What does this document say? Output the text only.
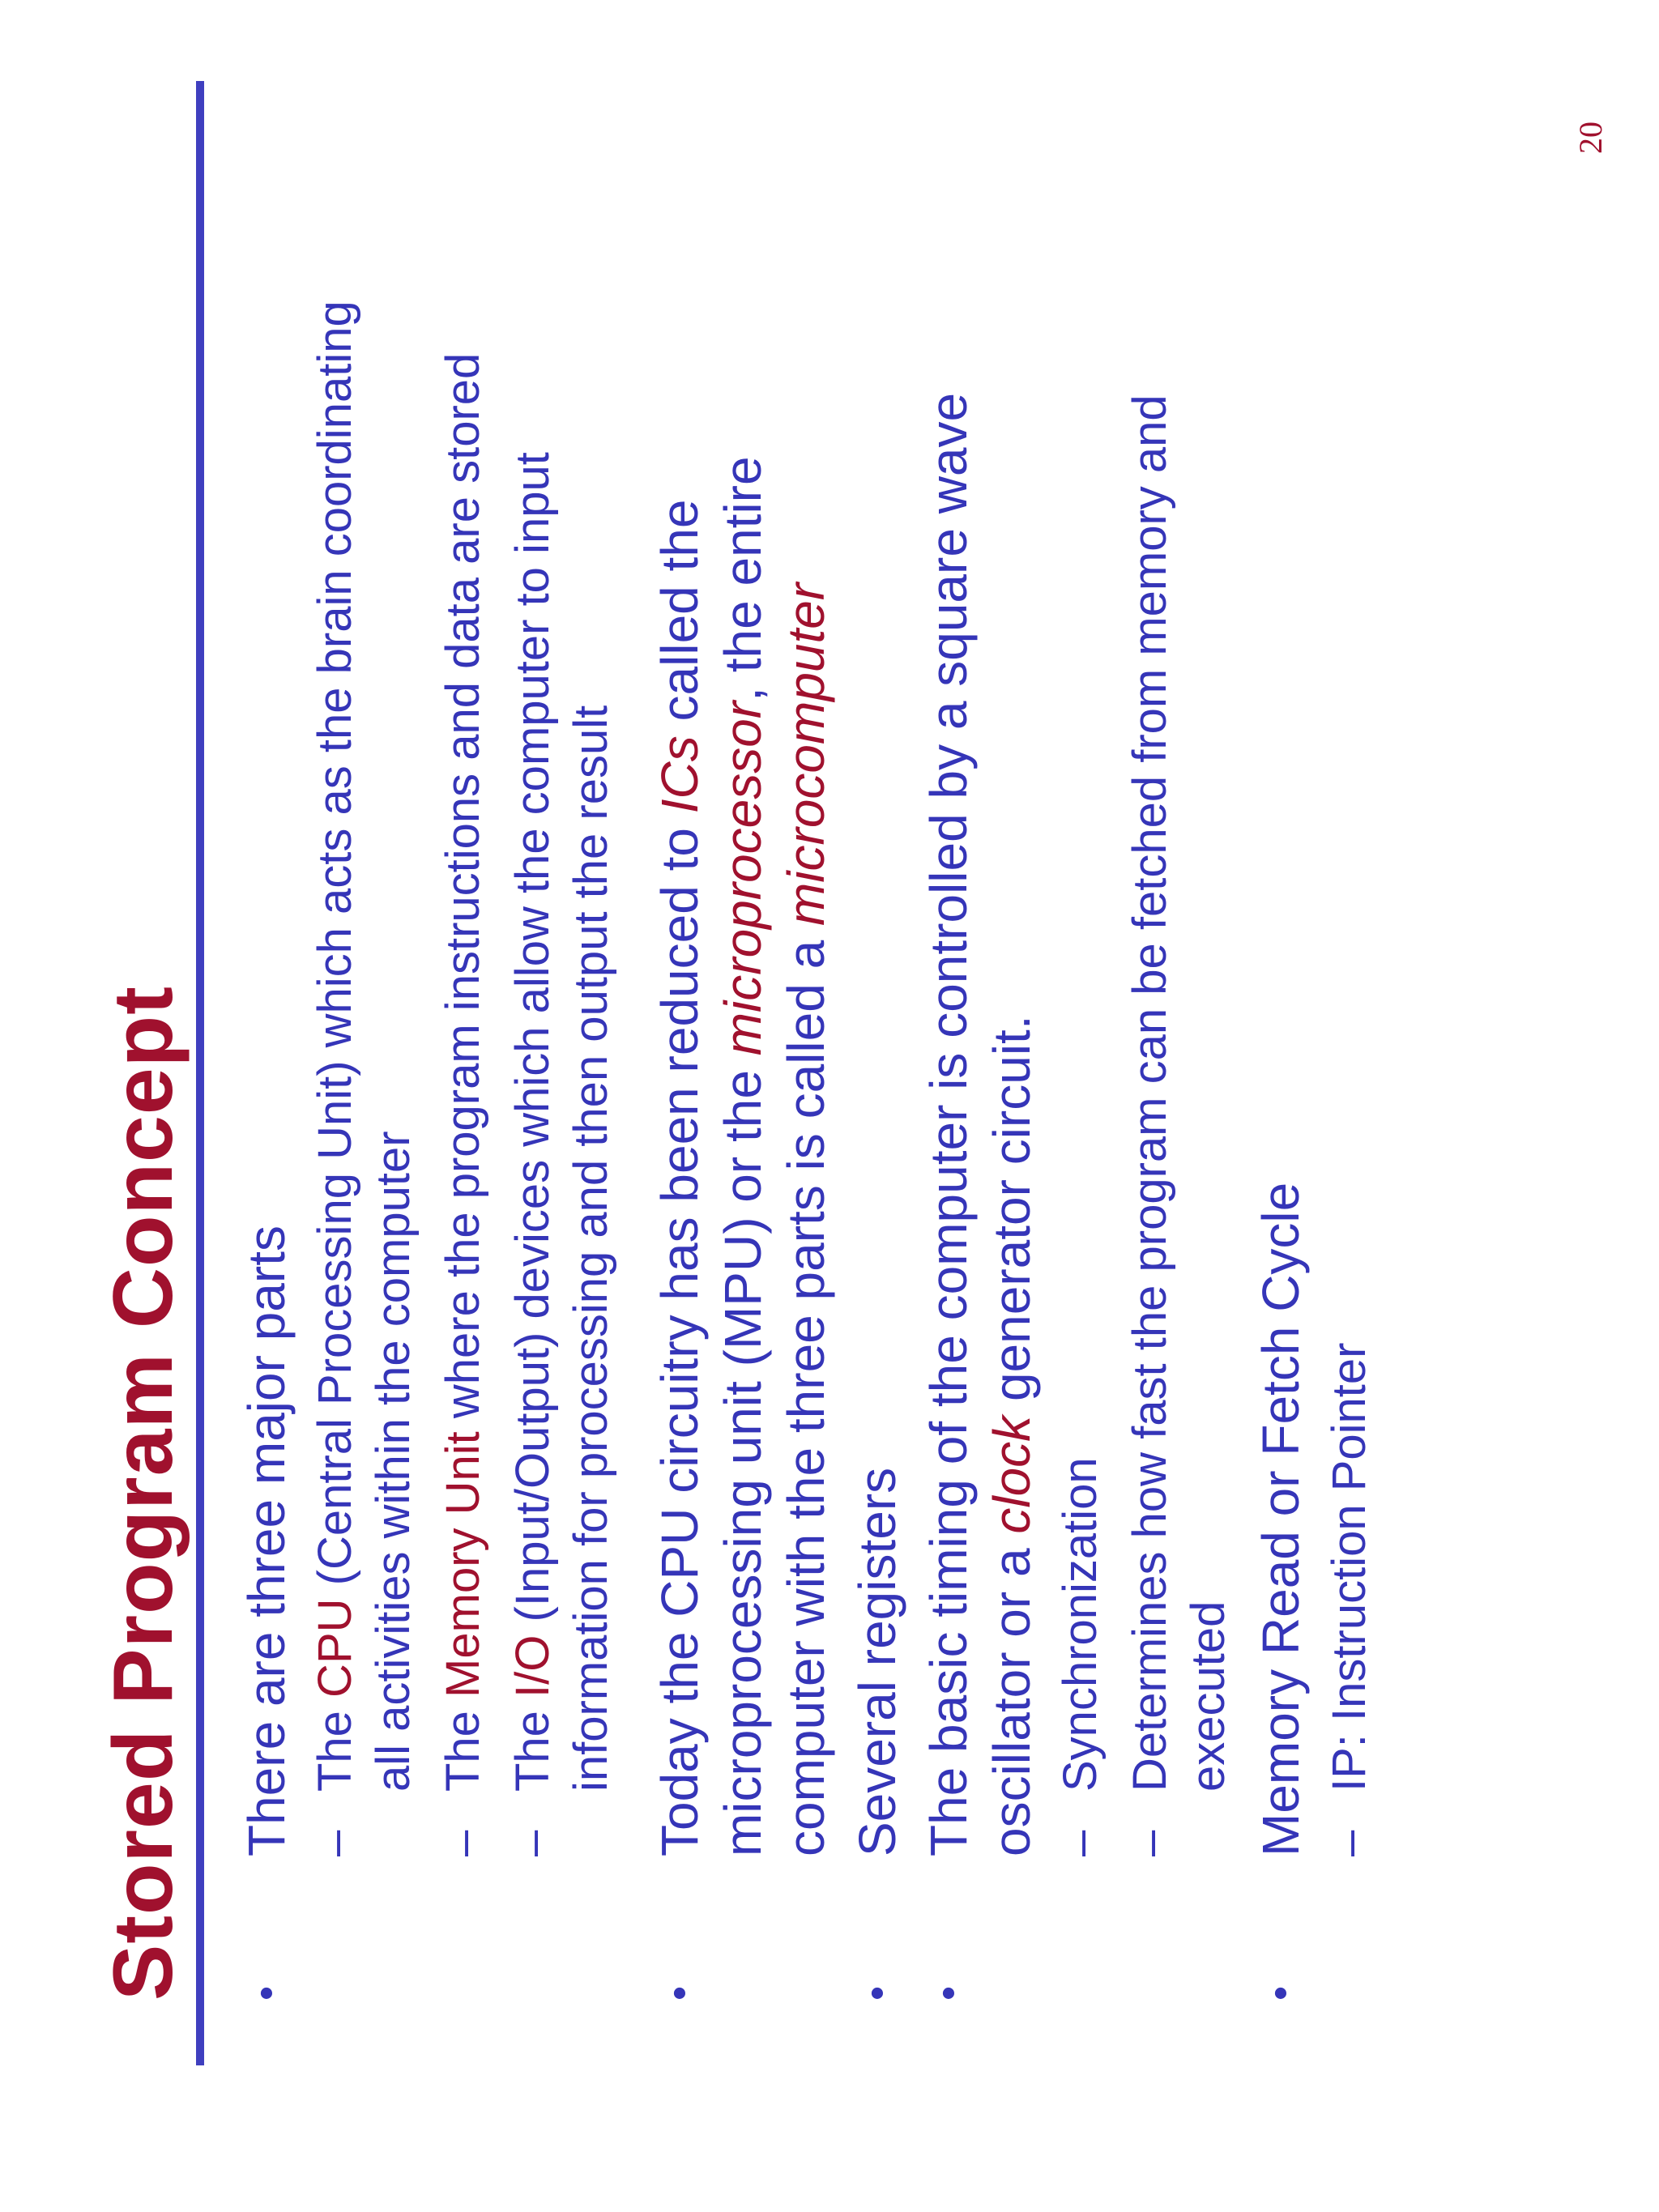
Stored Program Concept •
There are three major parts –
The CPU (Central Processing Unit) which acts as the brain coordinating all activities within the computer
–
The Memory Unit where the program instructions and data are stored
–
The I/O (Input/Output) devices which allow the computer to input information for processing and then output the result
•
Today the CPU circuitry has been reduced to ICs called the
microprocessing unit (MPU) or the microprocessor, the entire
computer with the three parts is called a microcomputer
•
Several registers
•
The basic timing of the computer is controlled by a square wave
oscillator or a clock generator circuit.
–
Synchronization
–
Determines how fast the program can be fetched from memory and executed
•
Memory Read or Fetch Cycle –
IP: Instruction Pointer
20
